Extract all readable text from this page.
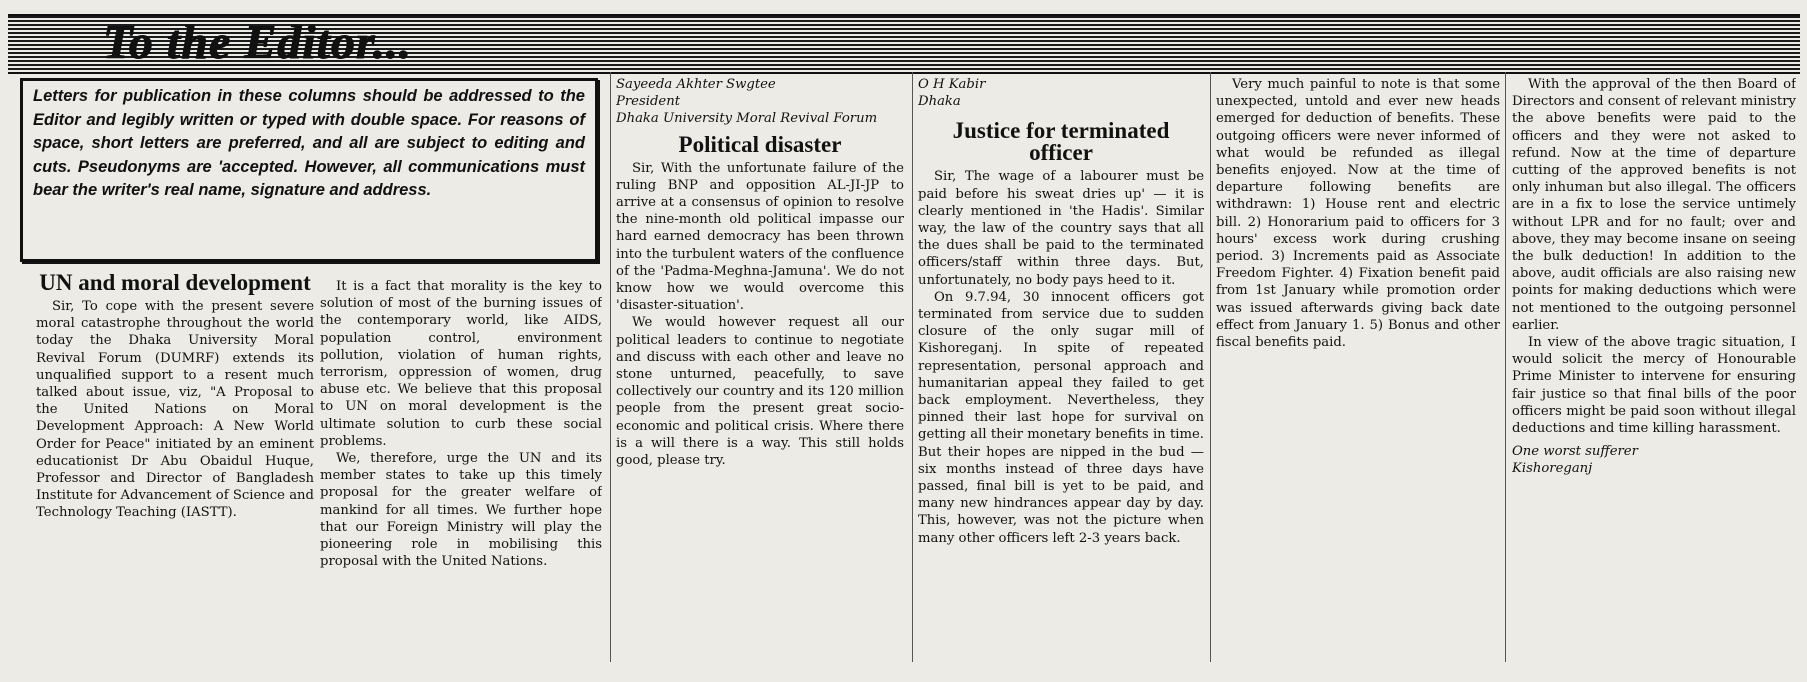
To the Editor...
Letters for publication in these columns should be addressed to the Editor and legibly written or typed with double space. For reasons of space, short letters are preferred, and all are subject to editing and cuts. Pseudonyms are 'accepted. However, all communications must bear the writer's real name, signature and address.
UN and moral development

Sir, To cope with the present severe moral catastrophe throughout the world today the Dhaka University Moral Revival Forum (DUMRF) extends its unqualified support to a resent much talked about issue, viz, "A Proposal to the United Nations on Moral Development Approach: A New World Order for Peace" initiated by an eminent educationist Dr Abu Obaidul Huque, Professor and Director of Bangladesh Institute for Advancement of Science and Technology Teaching (IASTT).

It is a fact that morality is the key to solution of most of the burning issues of the contemporary world, like AIDS, population control, environment pollution, violation of human rights, terrorism, oppression of women, drug abuse etc. We believe that this proposal to UN on moral development is the ultimate solution to curb these social problems.

We, therefore, urge the UN and its member states to take up this timely proposal for the greater welfare of mankind for all times. We further hope that our Foreign Ministry will play the pioneering role in mobilising this proposal with the United Nations.

Sayeeda Akhter Swgtee

President

Dhaka University Moral Revival Forum

Political disaster

Sir, With the unfortunate failure of the ruling BNP and opposition AL-JI-JP to arrive at a consensus of opinion to resolve the nine-month old political impasse our hard earned democracy has been thrown into the turbulent waters of the confluence of the 'Padma-Meghna-Jamuna'. We do not know how we would overcome this 'disaster-situation'.

We would however request all our political leaders to continue to negotiate and discuss with each other and leave no stone unturned, peacefully, to save collectively our country and its 120 million people from the present great socio-economic and political crisis. Where there is a will there is a way. This still holds good, please try.

O H Kabir

Dhaka

Justice for terminated officer

Sir, The wage of a labourer must be paid before his sweat dries up' — it is clearly mentioned in 'the Hadis'. Similar way, the law of the country says that all the dues shall be paid to the terminated officers/staff within three days. But, unfortunately, no body pays heed to it.

On 9.7.94, 30 innocent officers got terminated from service due to sudden closure of the only sugar mill of Kishoreganj. In spite of repeated representation, personal approach and humanitarian appeal they failed to get back employment. Nevertheless, they pinned their last hope for survival on getting all their monetary benefits in time. But their hopes are nipped in the bud — six months instead of three days have passed, final bill is yet to be paid, and many new hindrances appear day by day. This, however, was not the picture when many other officers left 2-3 years back.

Very much painful to note is that some unexpected, untold and ever new heads emerged for deduction of benefits. These outgoing officers were never informed of what would be refunded as illegal benefits enjoyed. Now at the time of departure following benefits are withdrawn: 1) House rent and electric bill. 2) Honorarium paid to officers for 3 hours' excess work during crushing period. 3) Increments paid as Associate Freedom Fighter. 4) Fixation benefit paid from 1st January while promotion order was issued afterwards giving back date effect from January 1. 5) Bonus and other fiscal benefits paid.

With the approval of the then Board of Directors and consent of relevant ministry the above benefits were paid to the officers and they were not asked to refund. Now at the time of departure cutting of the approved benefits is not only inhuman but also illegal. The officers are in a fix to lose the service untimely without LPR and for no fault; over and above, they may become insane on seeing the bulk deduction! In addition to the above, audit officials are also raising new points for making deductions which were not mentioned to the outgoing personnel earlier.

In view of the above tragic situation, I would solicit the mercy of Honourable Prime Minister to intervene for ensuring fair justice so that final bills of the poor officers might be paid soon without illegal deductions and time killing harassment.

One worst sufferer

Kishoreganj
